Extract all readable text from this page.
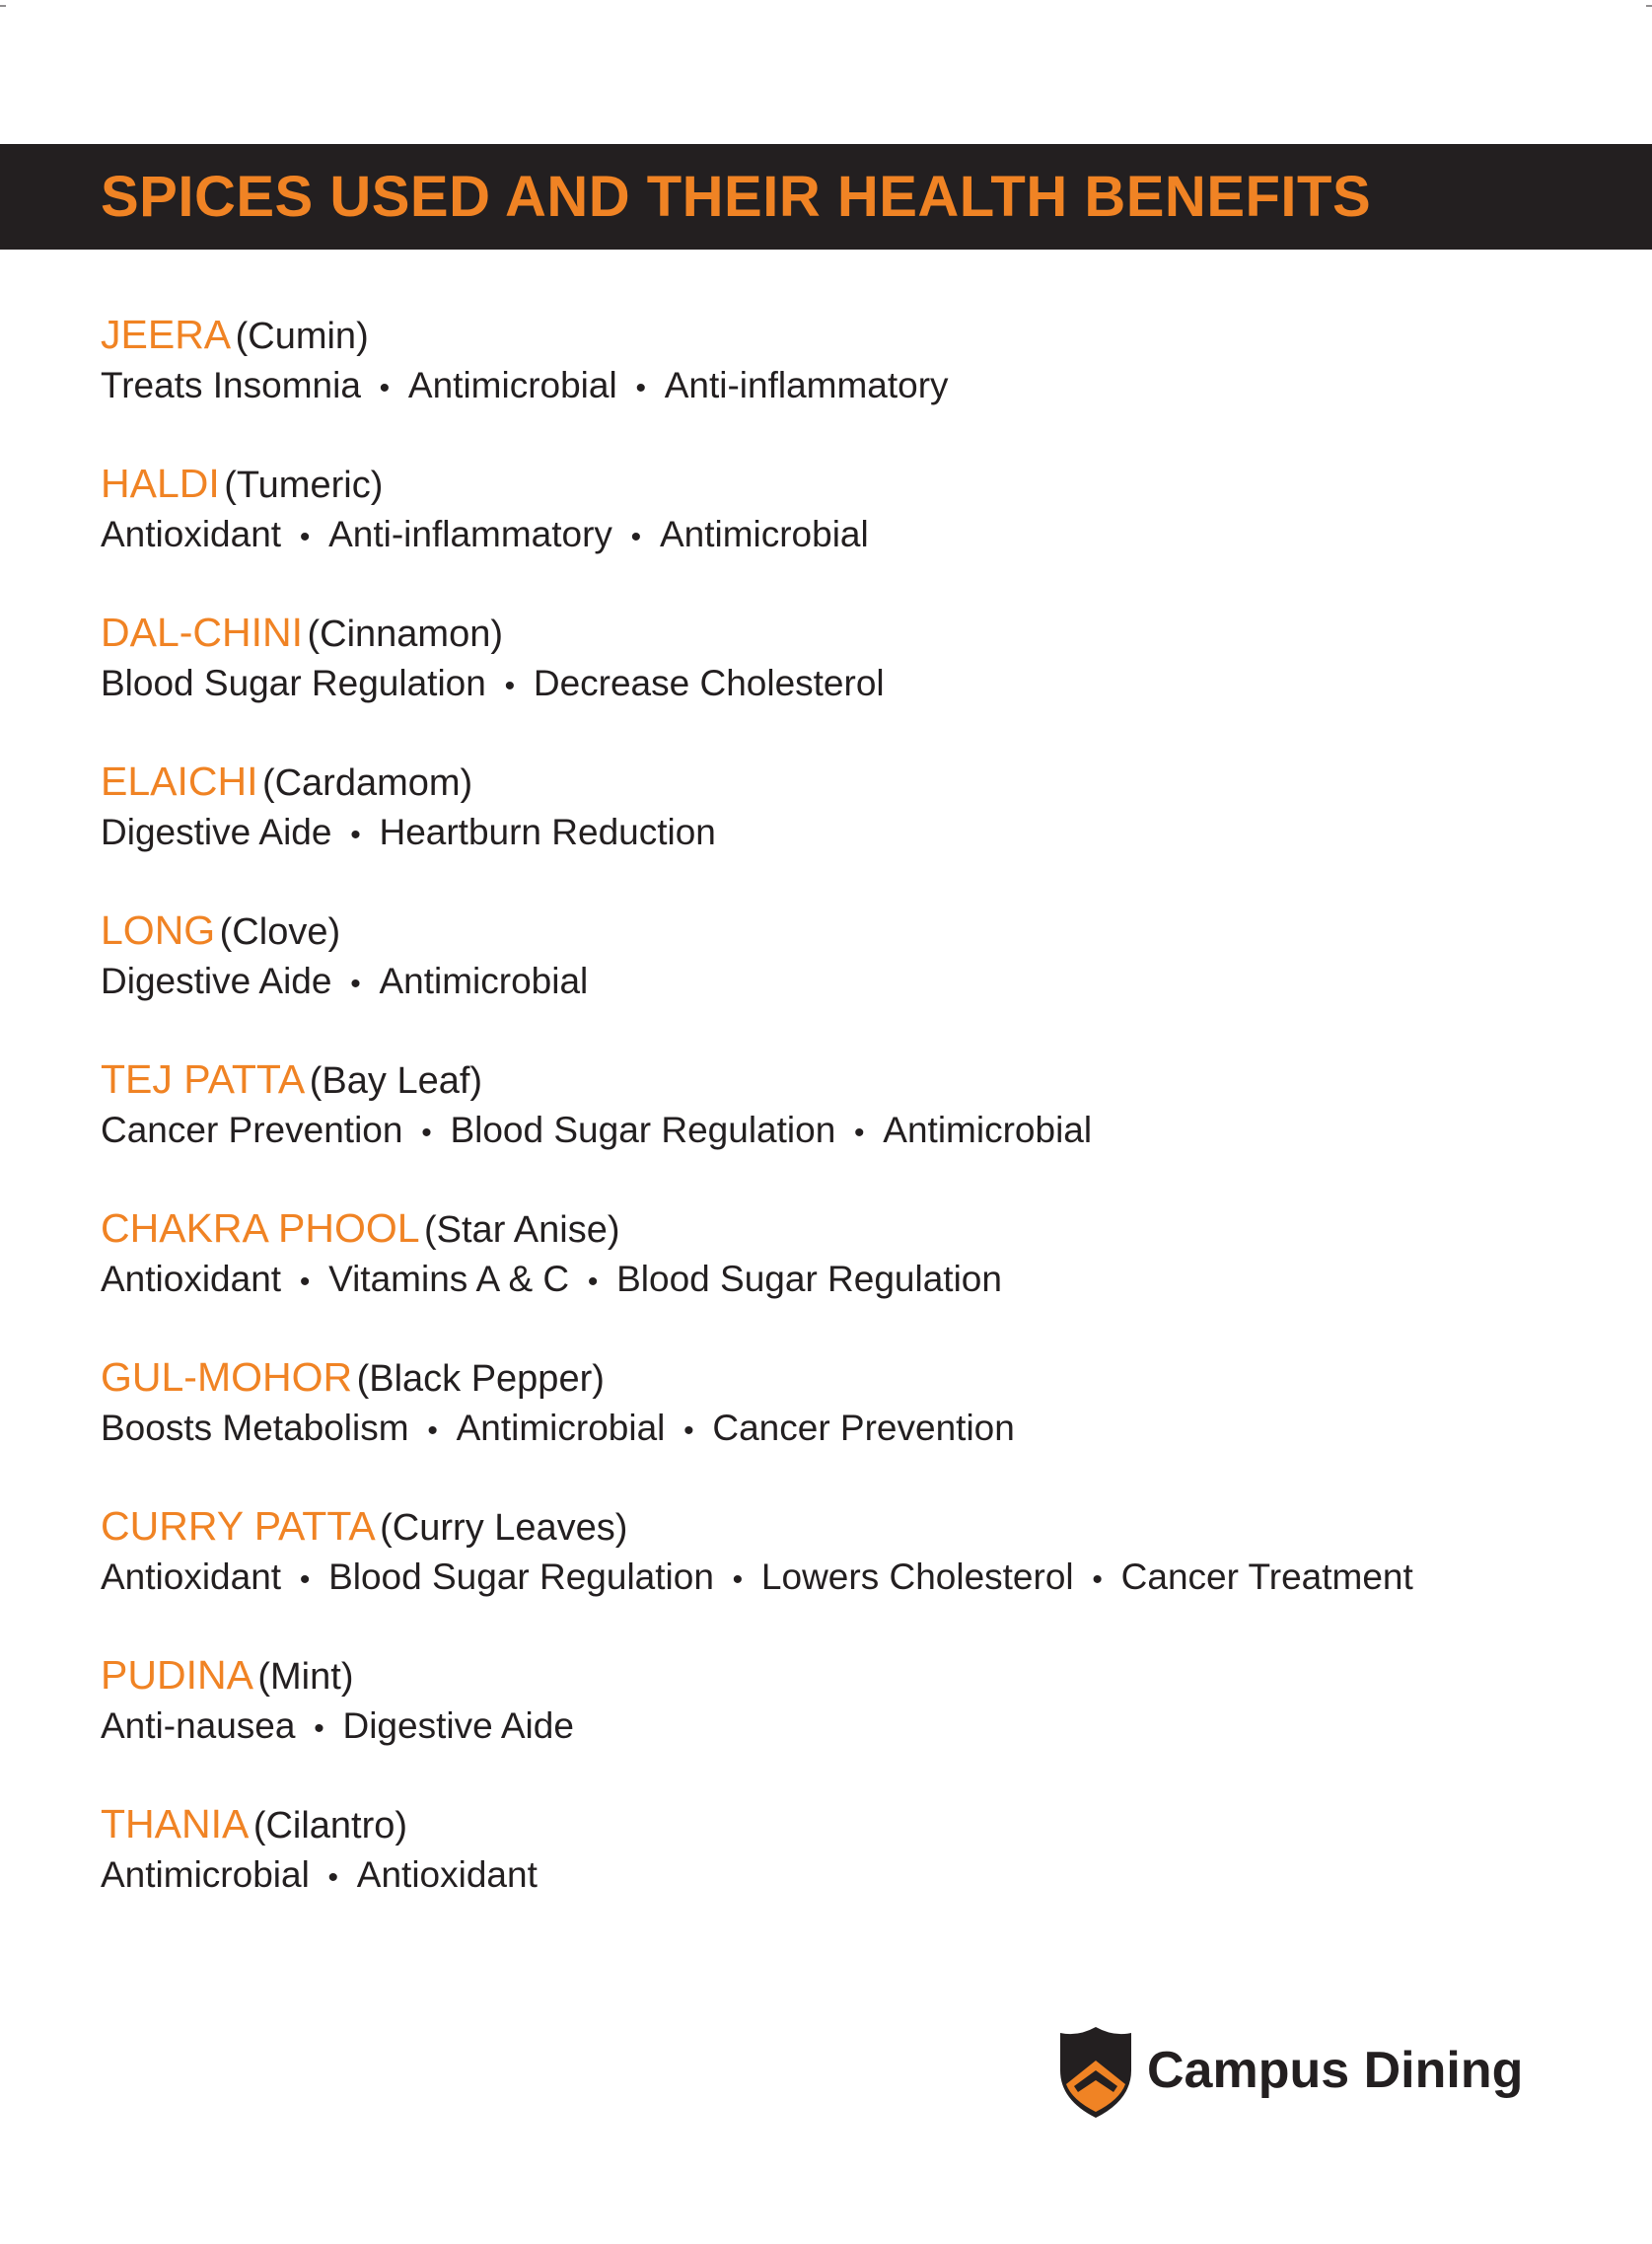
SPICES USED AND THEIR HEALTH BENEFITS
JEERA (Cumin)
Treats Insomnia • Antimicrobial • Anti-inflammatory
HALDI (Tumeric)
Antioxidant • Anti-inflammatory • Antimicrobial
DAL-CHINI (Cinnamon)
Blood Sugar Regulation • Decrease Cholesterol
ELAICHI (Cardamom)
Digestive Aide • Heartburn Reduction
LONG (Clove)
Digestive Aide • Antimicrobial
TEJ PATTA (Bay Leaf)
Cancer Prevention • Blood Sugar Regulation • Antimicrobial
CHAKRA PHOOL (Star Anise)
Antioxidant • Vitamins A & C • Blood Sugar Regulation
GUL-MOHOR (Black Pepper)
Boosts Metabolism • Antimicrobial • Cancer Prevention
CURRY PATTA (Curry Leaves)
Antioxidant • Blood Sugar Regulation • Lowers Cholesterol • Cancer Treatment
PUDINA (Mint)
Anti-nausea • Digestive Aide
THANIA (Cilantro)
Antimicrobial • Antioxidant
Campus Dining
